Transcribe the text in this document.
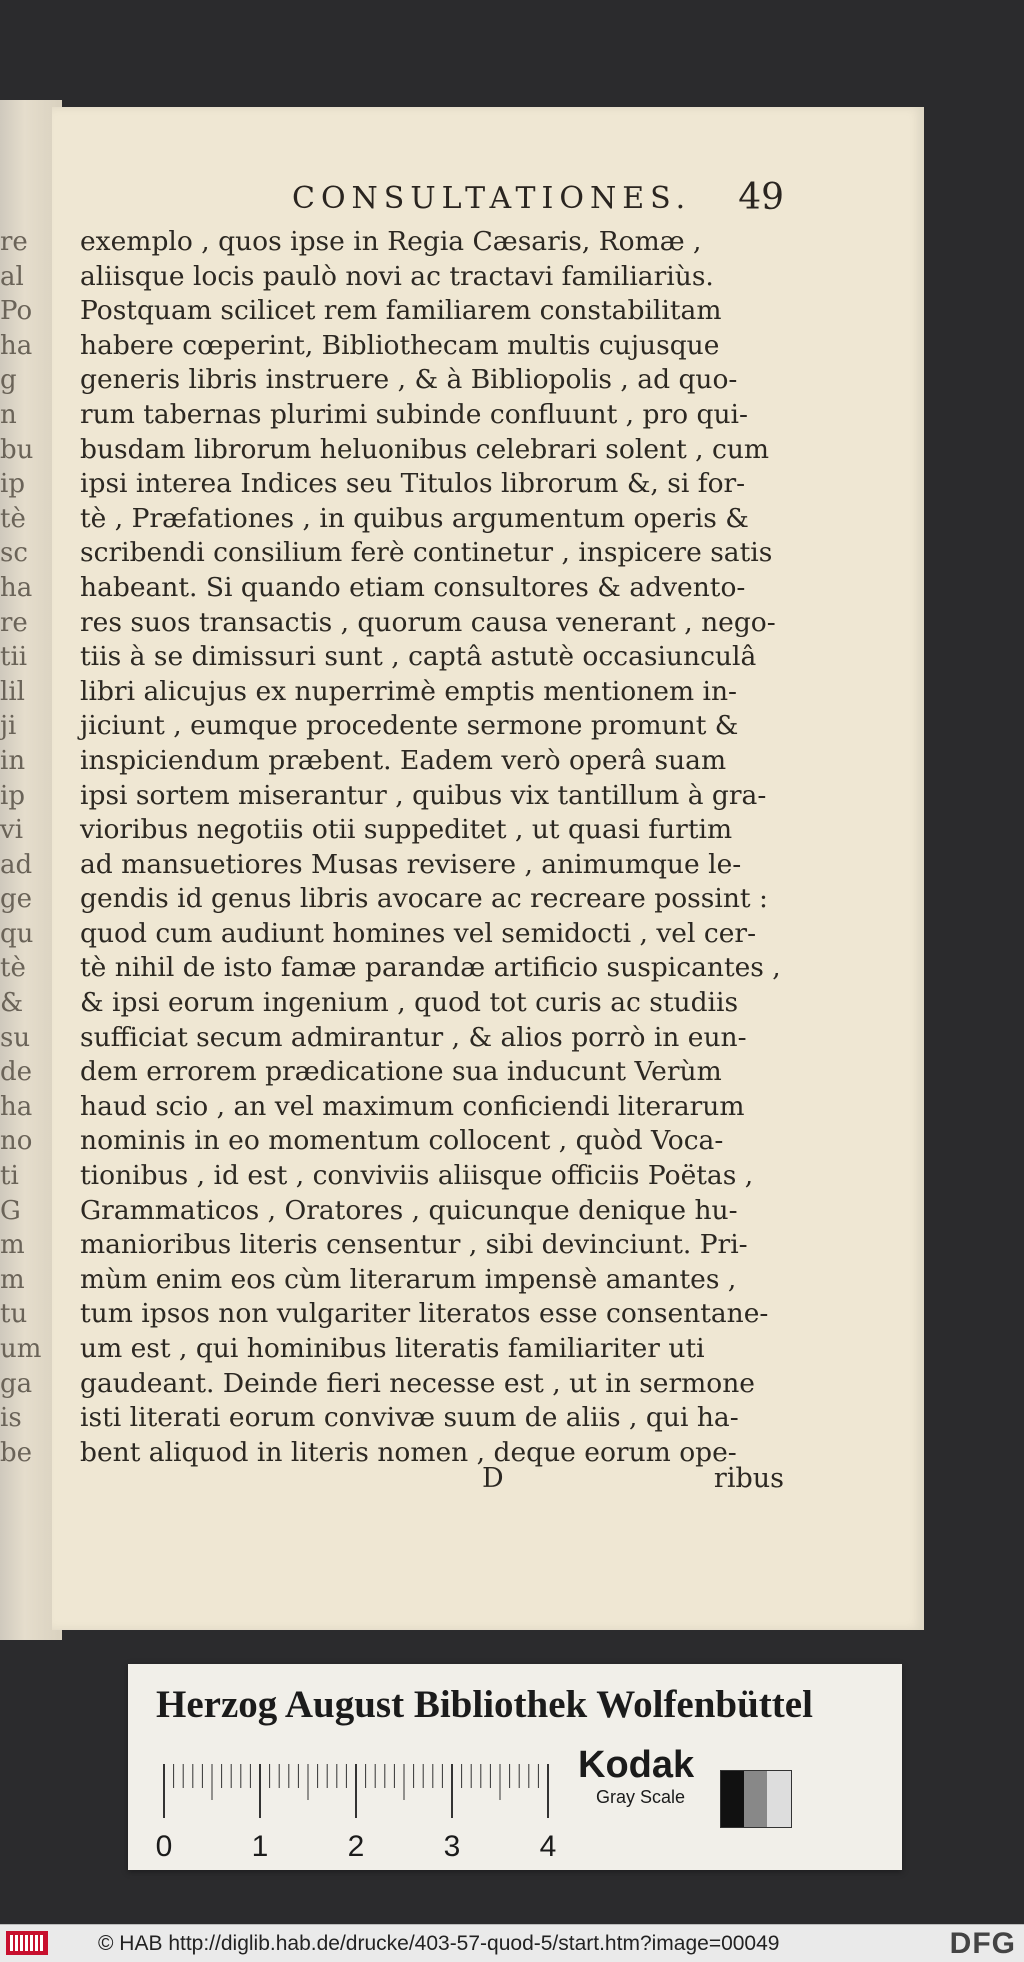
re
al
Po
ha
g
n
bu
ip
tè
sc
ha
re
tii
lil
ji
in
ip
vi
ad
ge
qu
tè
&
su
de
ha
no
ti
G
m
m
tu
um
ga
is
be
CONSULTATIONES. 49
exemplo , quos ipse in Regia Cæsaris, Romæ ,
aliisque locis paulò novi ac tractavi familiariùs.
Postquam scilicet rem familiarem constabilitam
habere cœperint, Bibliothecam multis cujusque
generis libris instruere , & à Bibliopolis , ad quo-
rum tabernas plurimi subinde confluunt , pro qui-
busdam librorum heluonibus celebrari solent , cum
ipsi interea Indices seu Titulos librorum &, si for-
tè , Præfationes , in quibus argumentum operis &
scribendi consilium ferè continetur , inspicere satis
habeant. Si quando etiam consultores & advento-
res suos transactis , quorum causa venerant , nego-
tiis à se dimissuri sunt , captâ astutè occasiunculâ
libri alicujus ex nuperrimè emptis mentionem in-
jiciunt , eumque procedente sermone promunt &
inspiciendum præbent. Eadem verò operâ suam
ipsi sortem miserantur , quibus vix tantillum à gra-
vioribus negotiis otii suppeditet , ut quasi furtim
ad mansuetiores Musas revisere , animumque le-
gendis id genus libris avocare ac recreare possint :
quod cum audiunt homines vel semidocti , vel cer-
tè nihil de isto famæ parandæ artificio suspicantes ,
& ipsi eorum ingenium , quod tot curis ac studiis
sufficiat secum admirantur , & alios porrò in eun-
dem errorem prædicatione sua inducunt Verùm
haud scio , an vel maximum conficiendi literarum
nominis in eo momentum collocent , quòd Voca-
tionibus , id est , conviviis aliisque officiis Poëtas ,
Grammaticos , Oratores , quicunque denique hu-
manioribus literis censentur , sibi devinciunt. Pri-
mùm enim eos cùm literarum impensè amantes ,
tum ipsos non vulgariter literatos esse consentane-
um est , qui hominibus literatis familiariter uti
gaudeant. Deinde fieri necesse est , ut in sermone
isti literati eorum convivæ suum de aliis , qui ha-
bent aliquod in literis nomen , deque eorum ope-
D	ribus
Herzog August Bibliothek Wolfenbüttel
0	1	2	3	4
Kodak
Gray Scale
© HAB http://diglib.hab.de/drucke/403-57-quod-5/start.htm?image=00049	DFG
